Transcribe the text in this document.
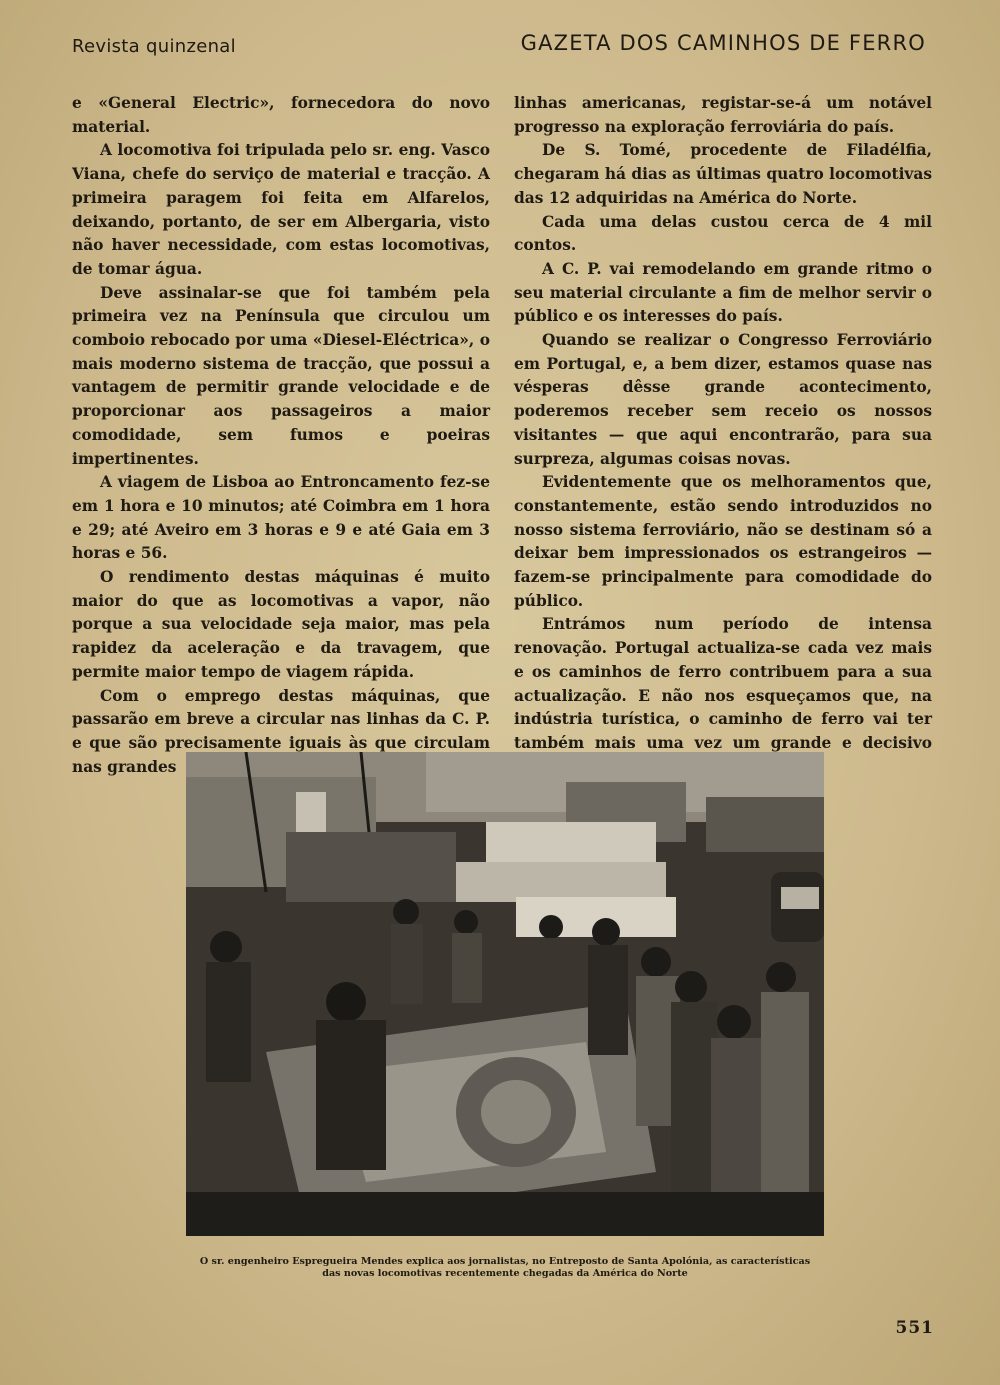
Revista quinzenal	GAZETA DOS CAMINHOS DE FERRO

e «General Electric», fornecedora do novo material.

A locomotiva foi tripulada pelo sr. eng. Vasco Viana, chefe do serviço de material e tracção. A primeira paragem foi feita em Alfarelos, deixando, portanto, de ser em Albergaria, visto não haver necessidade, com estas locomotivas, de tomar água.

Deve assinalar-se que foi também pela primeira vez na Península que circulou um comboio rebocado por uma «Diesel-Eléctrica», o mais moderno sistema de tracção, que possui a vantagem de permitir grande velocidade e de proporcionar aos passageiros a maior comodidade, sem fumos e poeiras impertinentes.

A viagem de Lisboa ao Entroncamento fez-se em 1 hora e 10 minutos; até Coimbra em 1 hora e 29; até Aveiro em 3 horas e 9 e até Gaia em 3 horas e 56.

O rendimento destas máquinas é muito maior do que as locomotivas a vapor, não porque a sua velocidade seja maior, mas pela rapidez da aceleração e da travagem, que permite maior tempo de viagem rápida.

Com o emprego destas máquinas, que passarão em breve a circular nas linhas da C. P. e que são precisamente iguais às que circulam nas grandes

linhas americanas, registar-se-á um notável progresso na exploração ferroviária do país.

De S. Tomé, procedente de Filadélfia, chegaram há dias as últimas quatro locomotivas das 12 adquiridas na América do Norte.

Cada uma delas custou cerca de 4 mil contos.

A C. P. vai remodelando em grande ritmo o seu material circulante a fim de melhor servir o público e os interesses do país.

Quando se realizar o Congresso Ferroviário em Portugal, e, a bem dizer, estamos quase nas vésperas dêsse grande acontecimento, poderemos receber sem receio os nossos visitantes — que aqui encontrarão, para sua surpreza, algumas coisas novas.

Evidentemente que os melhoramentos que, constantemente, estão sendo introduzidos no nosso sistema ferroviário, não se destinam só a deixar bem impressionados os estrangeiros — fazem-se principalmente para comodidade do público.

Entrámos num período de intensa renovação. Portugal actualiza-se cada vez mais e os caminhos de ferro contribuem para a sua actualização. E não nos esqueçamos que, na indústria turística, o caminho de ferro vai ter também mais uma vez um grande e decisivo

O sr. engenheiro Espregueira Mendes explica aos jornalistas, no Entreposto de Santa Apolónia, as características
das novas locomotivas recentemente chegadas da América do Norte
551
